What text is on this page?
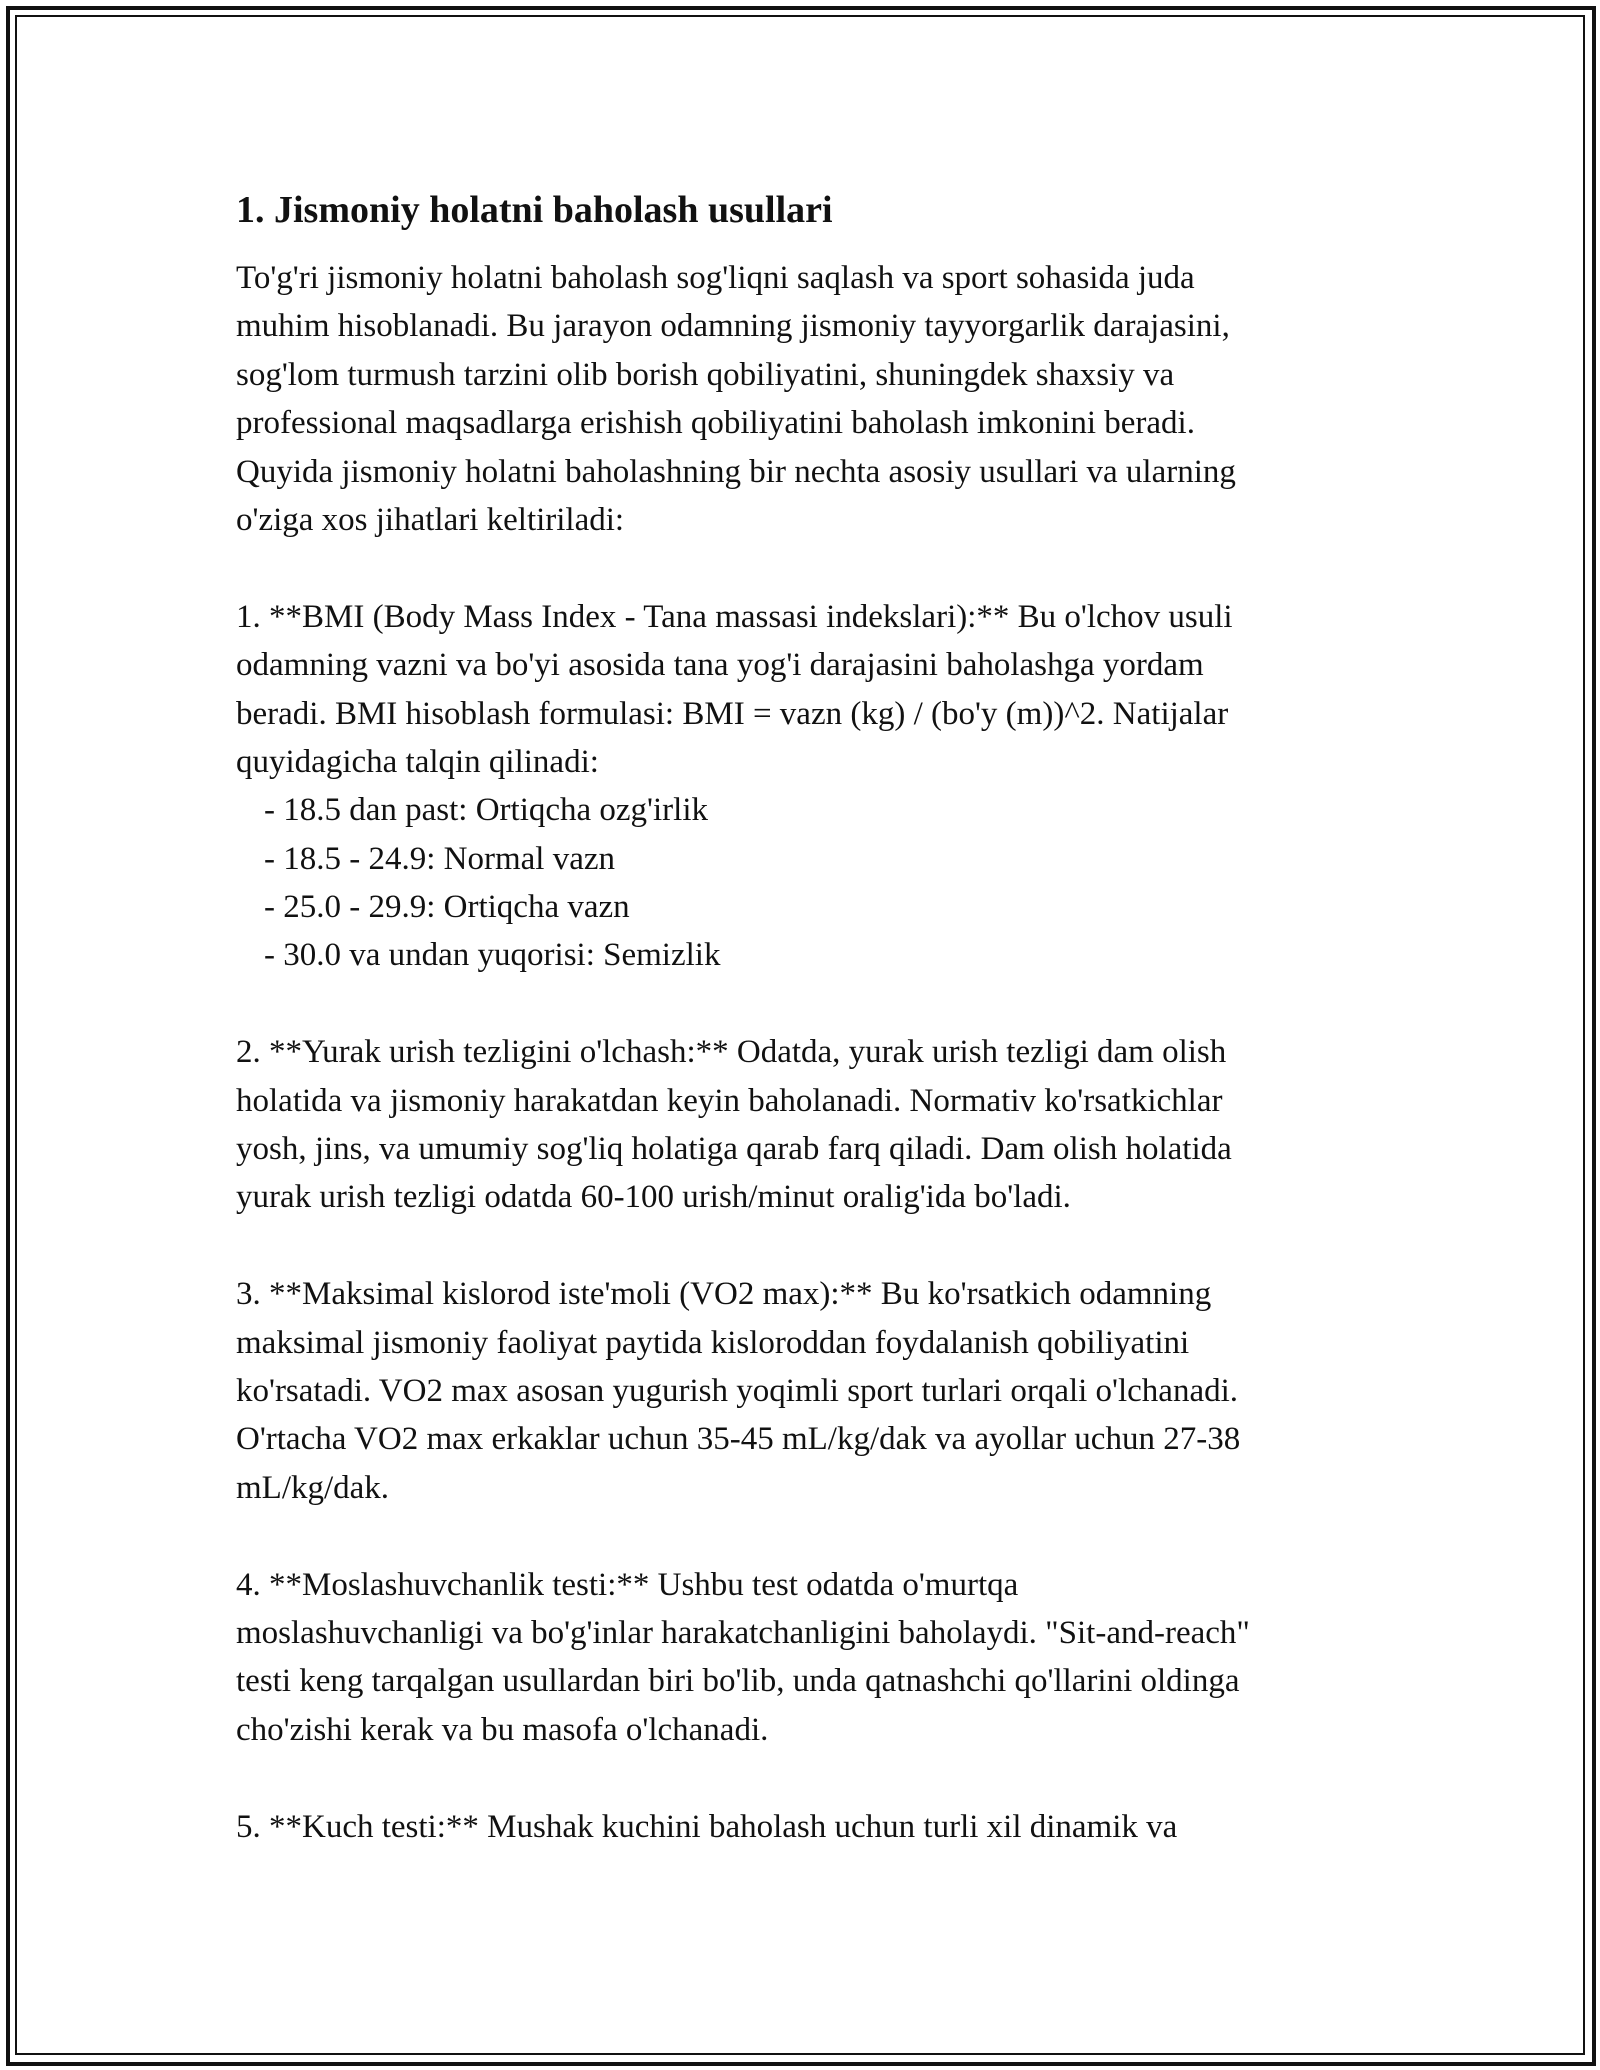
1. Jismoniy holatni baholash usullari
To'g'ri jismoniy holatni baholash sog'liqni saqlash va sport sohasida juda
muhim hisoblanadi. Bu jarayon odamning jismoniy tayyorgarlik darajasini,
sog'lom turmush tarzini olib borish qobiliyatini, shuningdek shaxsiy va
professional maqsadlarga erishish qobiliyatini baholash imkonini beradi.
Quyida jismoniy holatni baholashning bir nechta asosiy usullari va ularning
o'ziga xos jihatlari keltiriladi:
1. **BMI (Body Mass Index - Tana massasi indekslari):** Bu o'lchov usuli
odamning vazni va bo'yi asosida tana yog'i darajasini baholashga yordam
beradi. BMI hisoblash formulasi: BMI = vazn (kg) / (bo'y (m))^2. Natijalar
quyidagicha talqin qilinadi:
- 18.5 dan past: Ortiqcha ozg'irlik
- 18.5 - 24.9: Normal vazn
- 25.0 - 29.9: Ortiqcha vazn
- 30.0 va undan yuqorisi: Semizlik
2. **Yurak urish tezligini o'lchash:** Odatda, yurak urish tezligi dam olish
holatida va jismoniy harakatdan keyin baholanadi. Normativ ko'rsatkichlar
yosh, jins, va umumiy sog'liq holatiga qarab farq qiladi. Dam olish holatida
yurak urish tezligi odatda 60-100 urish/minut oralig'ida bo'ladi.
3. **Maksimal kislorod iste'moli (VO2 max):** Bu ko'rsatkich odamning
maksimal jismoniy faoliyat paytida kisloroddan foydalanish qobiliyatini
ko'rsatadi. VO2 max asosan yugurish yoqimli sport turlari orqali o'lchanadi.
O'rtacha VO2 max erkaklar uchun 35-45 mL/kg/dak va ayollar uchun 27-38
mL/kg/dak.
4. **Moslashuvchanlik testi:** Ushbu test odatda o'murtqa
moslashuvchanligi va bo'g'inlar harakatchanligini baholaydi. "Sit-and-reach"
testi keng tarqalgan usullardan biri bo'lib, unda qatnashchi qo'llarini oldinga
cho'zishi kerak va bu masofa o'lchanadi.
5. **Kuch testi:** Mushak kuchini baholash uchun turli xil dinamik va
